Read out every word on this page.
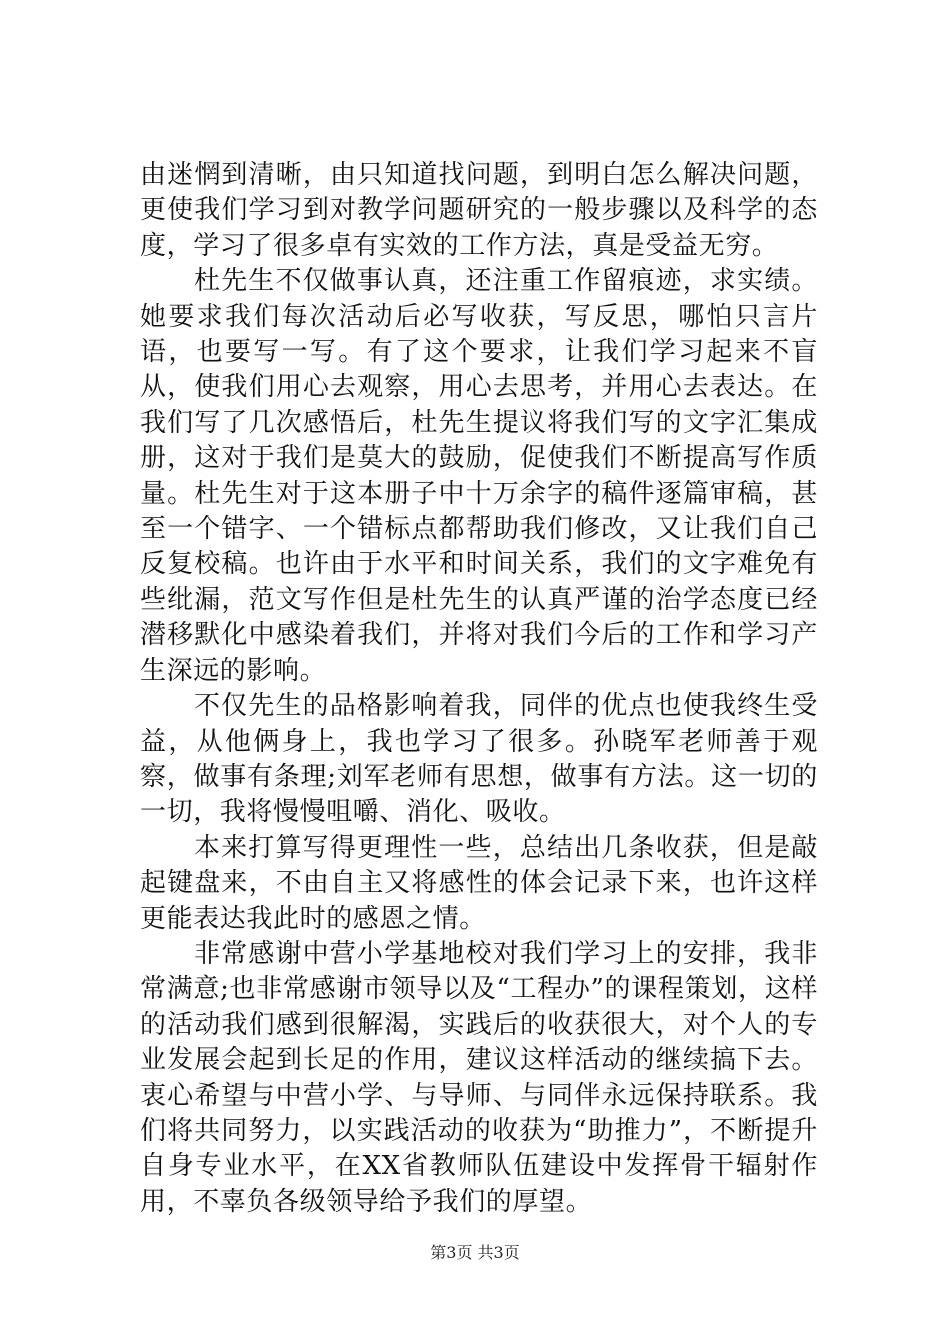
由迷惘到清晰，由只知道找问题，到明白怎么解决问题，更使我们学习到对教学问题研究的一般步骤以及科学的态度，学习了很多卓有实效的工作方法，真是受益无穷。

杜先生不仅做事认真，还注重工作留痕迹，求实绩。她要求我们每次活动后必写收获，写反思，哪怕只言片语，也要写一写。有了这个要求，让我们学习起来不盲从，使我们用心去观察，用心去思考，并用心去表达。在我们写了几次感悟后，杜先生提议将我们写的文字汇集成册，这对于我们是莫大的鼓励，促使我们不断提高写作质量。杜先生对于这本册子中十万余字的稿件逐篇审稿，甚至一个错字、一个错标点都帮助我们修改，又让我们自己反复校稿。也许由于水平和时间关系，我们的文字难免有些纰漏，范文写作但是杜先生的认真严谨的治学态度已经潜移默化中感染着我们，并将对我们今后的工作和学习产生深远的影响。

不仅先生的品格影响着我，同伴的优点也使我终生受益，从他俩身上，我也学习了很多。孙晓军老师善于观察，做事有条理;刘军老师有思想，做事有方法。这一切的一切，我将慢慢咀嚼、消化、吸收。

本来打算写得更理性一些，总结出几条收获，但是敲起键盘来，不由自主又将感性的体会记录下来，也许这样更能表达我此时的感恩之情。

非常感谢中营小学基地校对我们学习上的安排，我非常满意;也非常感谢市领导以及“工程办”的课程策划，这样的活动我们感到很解渴，实践后的收获很大，对个人的专业发展会起到长足的作用，建议这样活动的继续搞下去。衷心希望与中营小学、与导师、与同伴永远保持联系。我们将共同努力，以实践活动的收获为“助推力”，不断提升自身专业水平，在XX省教师队伍建设中发挥骨干辐射作用，不辜负各级领导给予我们的厚望。

第3页 共3页
